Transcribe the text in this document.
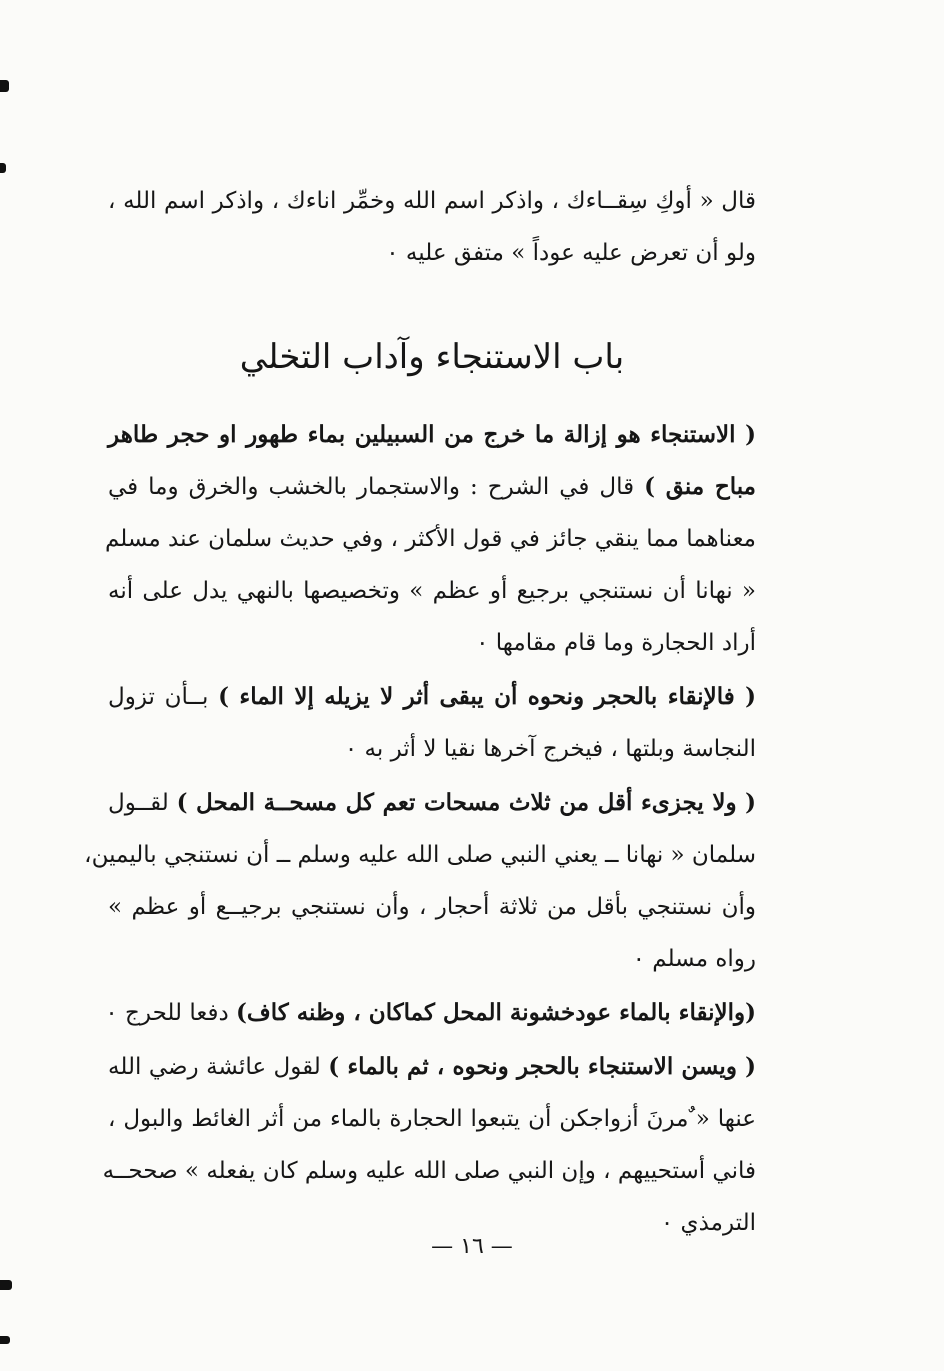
قال « أوكِ سِقــاءك ، واذكر اسم الله وخمِّر اناءك ، واذكر اسم الله ،
ولو أن تعرض عليه عوداً » متفق عليه ٠
باب الاستنجاء وآداب التخلي
( الاستنجاء هو إزالة ما خرج من السبيلين بماء طهور او حجر طاهر
مباح منق ) قال في الشرح : والاستجمار بالخشب والخرق وما في
معناهما مما ينقي جائز في قول الأكثر ، وفي حديث سلمان عند مسلم
« نهانا أن نستنجي برجيع أو عظم » وتخصيصها بالنهي يدل على أنه
أراد الحجارة وما قام مقامها ٠
( فالإنقاء بالحجر ونحوه أن يبقى أثر لا يزيله إلا الماء ) بــأن تزول
النجاسة وبلتها ، فيخرج آخرها نقيا لا أثر به ٠
( ولا يجزىء أقل من ثلاث مسحات تعم كل مسحــة المحل ) لقــول
سلمان « نهانا ــ يعني النبي صلى الله عليه وسلم ــ أن نستنجي باليمين،
وأن نستنجي بأقل من ثلاثة أحجار ، وأن نستنجي برجيــع أو عظم »
رواه مسلم ٠
(والإنقاء بالماء عودخشونة المحل كماكان ، وظنه كاف) دفعا للحرج ٠
( ويسن الاستنجاء بالحجر ونحوه ، ثم بالماء ) لقول عائشة رضي الله
عنها « ٌمرنَ أزواجكن أن يتبعوا الحجارة بالماء من أثر الغائط والبول ،
فاني أستحييهم ، وإن النبي صلى الله عليه وسلم كان يفعله » صححــه
الترمذي ٠
— ١٦ —
